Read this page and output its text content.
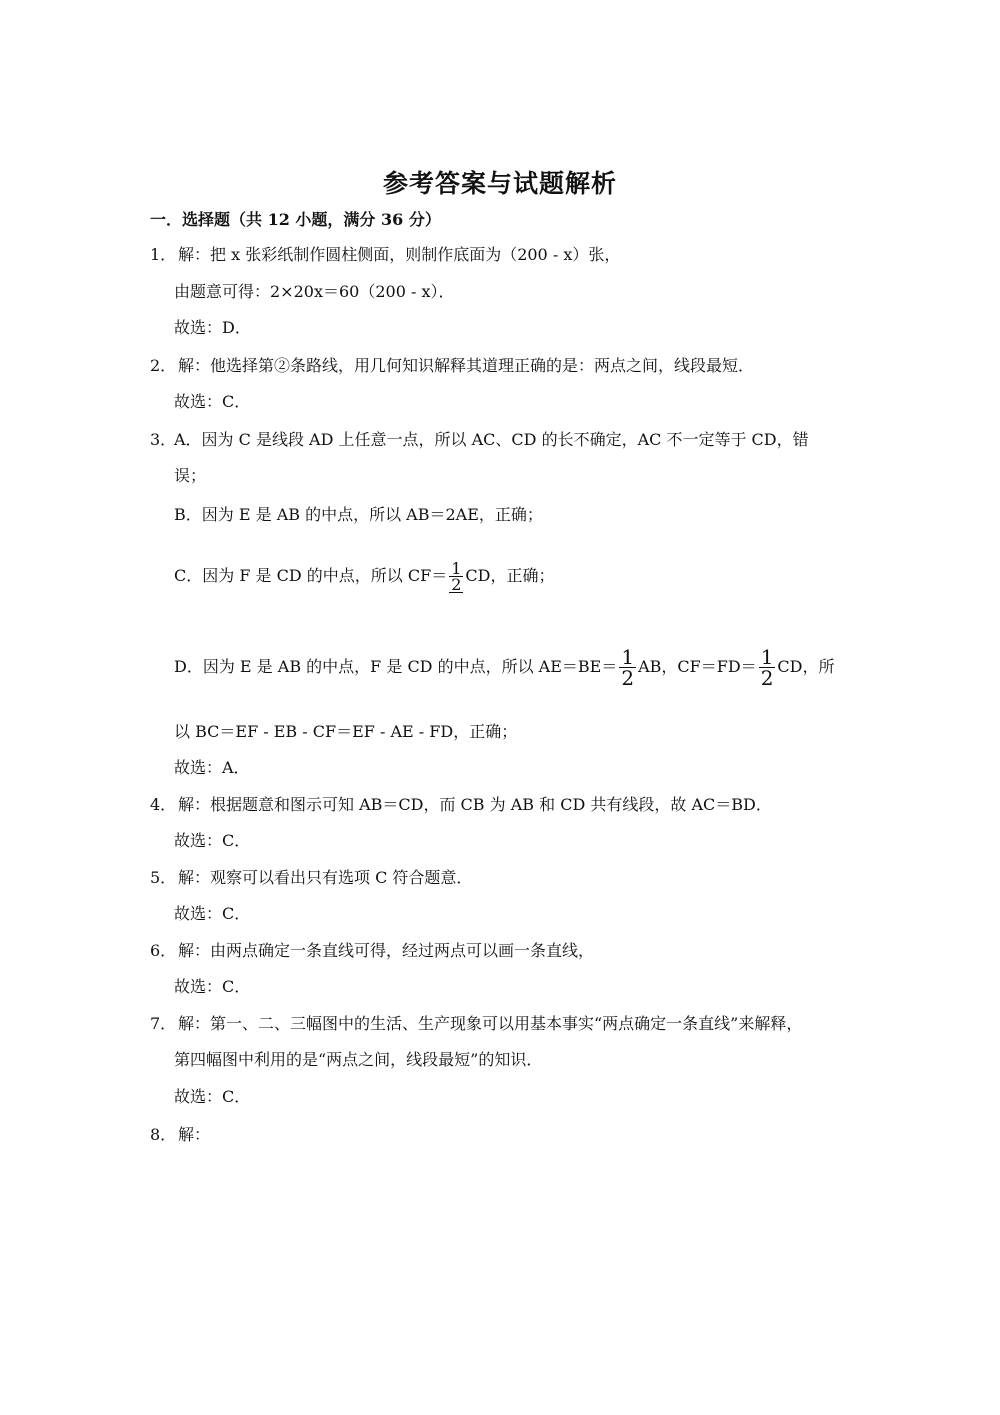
参考答案与试题解析
一．选择题（共 12 小题，满分 36 分）
1． 解：把 x 张彩纸制作圆柱侧面，则制作底面为（200 - x）张，
由题意可得：2×20x＝60（200 - x）．
故选：D．
2． 解：他选择第②条路线，用几何知识解释其道理正确的是：两点之间，线段最短．
故选：C．
3．
A．因为 C 是线段 AD 上任意一点，所以 AC、CD 的长不确定，AC 不一定等于 CD，错
误；
B．因为 E 是 AB 的中点，所以 AB＝2AE，正确；
C．因为 F 是 CD 的中点，所以 $CF= \frac{1}{2}$ CD，正确；
D．因为 E 是 AB 的中点，F 是 CD 的中点，所以 $AE=BE= \frac{1}{2}$ AB，$CF=FD= \frac{1}{2}$ CD，所
以 BC＝EF - EB - CF＝EF - AE - FD，正确；
故选：A．
4． 解：根据题意和图示可知 AB＝CD，而 CB 为 AB 和 CD 共有线段，故 AC＝BD．
故选：C．
5． 解：观察可以看出只有选项 C 符合题意．
故选：C．
6． 解：由两点确定一条直线可得，经过两点可以画一条直线，
故选：C．
7． 解：第一、二、三幅图中的生活、生产现象可以用基本事实“两点确定一条直线”来解释，
第四幅图中利用的是“两点之间，线段最短”的知识．
故选：C．
8． 解：
